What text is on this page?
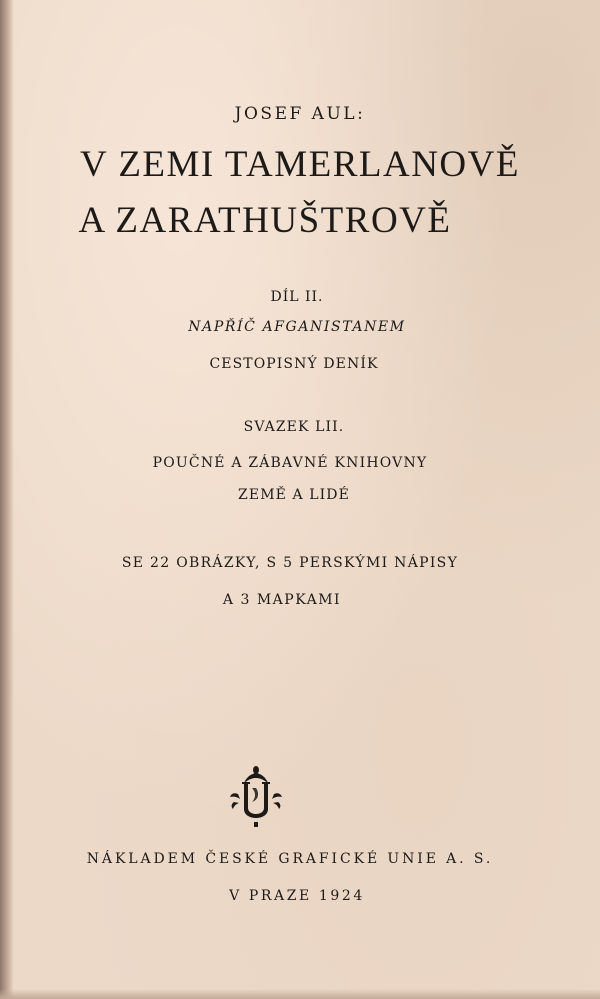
JOSEF AUL:
V ZEMI TAMERLANOVĚ
A ZARATHUŠTROVĚ
DÍL II.
NAPŘÍČ AFGANISTANEM
CESTOPISNÝ DENÍK
SVAZEK LII.
POUČNÉ A ZÁBAVNÉ KNIHOVNY
ZEMĚ A LIDÉ
SE 22 OBRÁZKY, S 5 PERSKÝMI NÁPISY
A 3 MAPKAMI
NÁKLADEM ČESKÉ GRAFICKÉ UNIE A. S.
V PRAZE 1924
